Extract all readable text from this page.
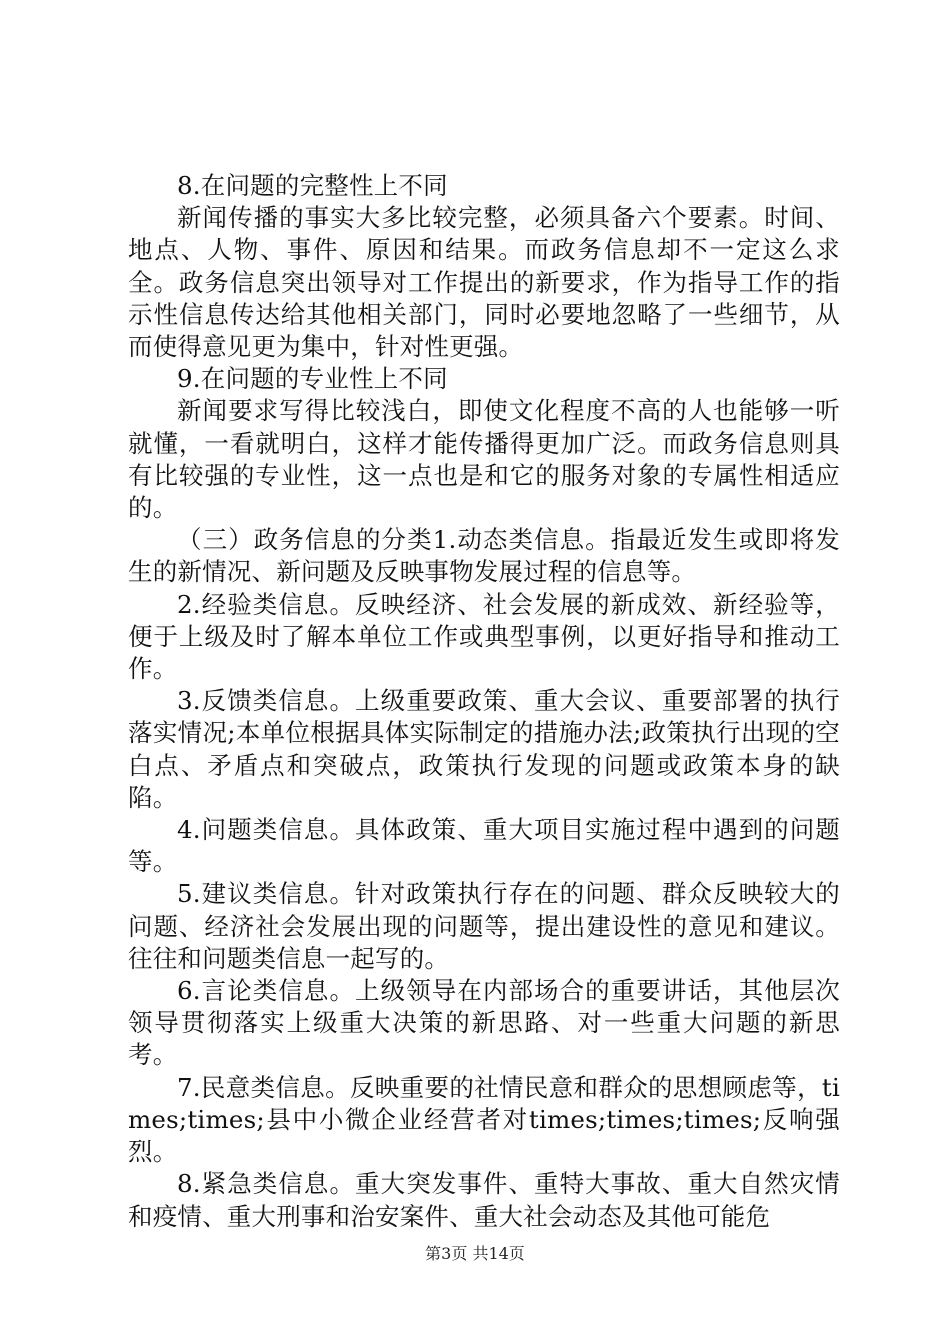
8.在问题的完整性上不同

新闻传播的事实大多比较完整，必须具备六个要素。时间、地点、人物、事件、原因和结果。而政务信息却不一定这么求全。政务信息突出领导对工作提出的新要求，作为指导工作的指示性信息传达给其他相关部门，同时必要地忽略了一些细节，从而使得意见更为集中，针对性更强。

9.在问题的专业性上不同

新闻要求写得比较浅白，即使文化程度不高的人也能够一听就懂，一看就明白，这样才能传播得更加广泛。而政务信息则具有比较强的专业性，这一点也是和它的服务对象的专属性相适应的。

（三）政务信息的分类1.动态类信息。指最近发生或即将发生的新情况、新问题及反映事物发展过程的信息等。

2.经验类信息。反映经济、社会发展的新成效、新经验等，便于上级及时了解本单位工作或典型事例，以更好指导和推动工作。

3.反馈类信息。上级重要政策、重大会议、重要部署的执行落实情况;本单位根据具体实际制定的措施办法;政策执行出现的空白点、矛盾点和突破点，政策执行发现的问题或政策本身的缺陷。

4.问题类信息。具体政策、重大项目实施过程中遇到的问题等。

5.建议类信息。针对政策执行存在的问题、群众反映较大的问题、经济社会发展出现的问题等，提出建设性的意见和建议。往往和问题类信息一起写的。

6.言论类信息。上级领导在内部场合的重要讲话，其他层次领导贯彻落实上级重大决策的新思路、对一些重大问题的新思考。

7.民意类信息。反映重要的社情民意和群众的思想顾虑等，times;times;县中小微企业经营者对times;times;times;反响强烈。

8.紧急类信息。重大突发事件、重特大事故、重大自然灾情和疫情、重大刑事和治安案件、重大社会动态及其他可能危

第3页 共14页
